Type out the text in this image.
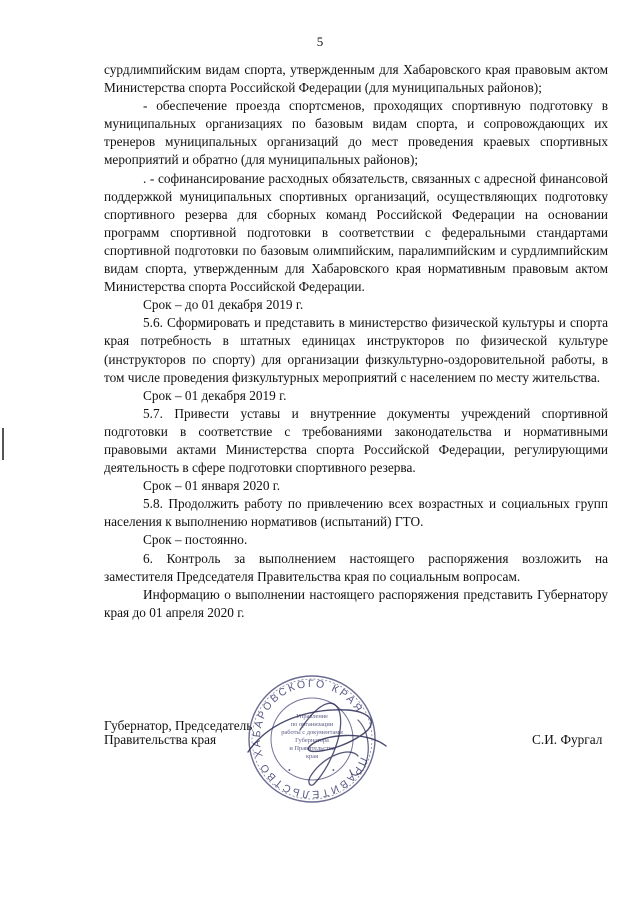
5

сурдлимпийским видам спорта, утвержденным для Хабаровского края правовым актом Министерства спорта Российской Федерации (для муниципальных районов);

- обеспечение проезда спортсменов, проходящих спортивную подготовку в муниципальных организациях по базовым видам спорта, и сопровождающих их тренеров муниципальных организаций до мест проведения краевых спортивных мероприятий и обратно (для муниципальных районов);

. - софинансирование расходных обязательств, связанных с адресной финансовой поддержкой муниципальных спортивных организаций, осуществляющих подготовку спортивного резерва для сборных команд Российской Федерации на основании программ спортивной подготовки в соответствии с федеральными стандартами спортивной подготовки по базовым олимпийским, паралимпийским и сурдлимпийским видам спорта, утвержденным для Хабаровского края нормативным правовым актом Министерства спорта Российской Федерации.

Срок – до 01 декабря 2019 г.

5.6. Сформировать и представить в министерство физической культуры и спорта края потребность в штатных единицах инструкторов по физической культуре (инструкторов по спорту) для организации физкультурно-оздоровительной работы, в том числе проведения физкультурных мероприятий с населением по месту жительства.

Срок – 01 декабря 2019 г.

5.7. Привести уставы и внутренние документы учреждений спортивной подготовки в соответствие с требованиями законодательства и нормативными правовыми актами Министерства спорта Российской Федерации, регулирующими деятельность в сфере подготовки спортивного резерва.

Срок – 01 января 2020 г.

5.8. Продолжить работу по привлечению всех возрастных и социальных групп населения к выполнению нормативов (испытаний) ГТО.

Срок – постоянно.

6. Контроль за выполнением настоящего распоряжения возложить на заместителя Председателя Правительства края по социальным вопросам.

Информацию о выполнении настоящего распоряжения представить Губернатору края до 01 апреля 2020 г.

Губернатор, Председатель
Правительства края	С.И. Фургал
ПРАВИТЕЛЬСТВО ХАБАРОВСКОГО КРАЯ
Управление
по организации
работы с документами
Губернатора
и Правительства
края
•	•
